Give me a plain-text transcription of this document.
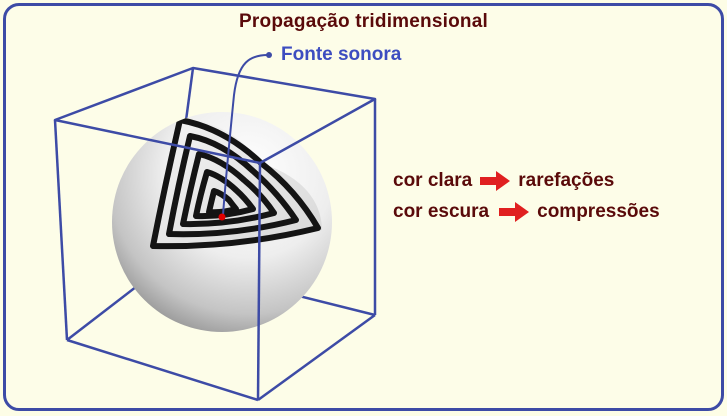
Propagação tridimensional
Fonte sonora
cor clara rarefações
cor escura	compressões
